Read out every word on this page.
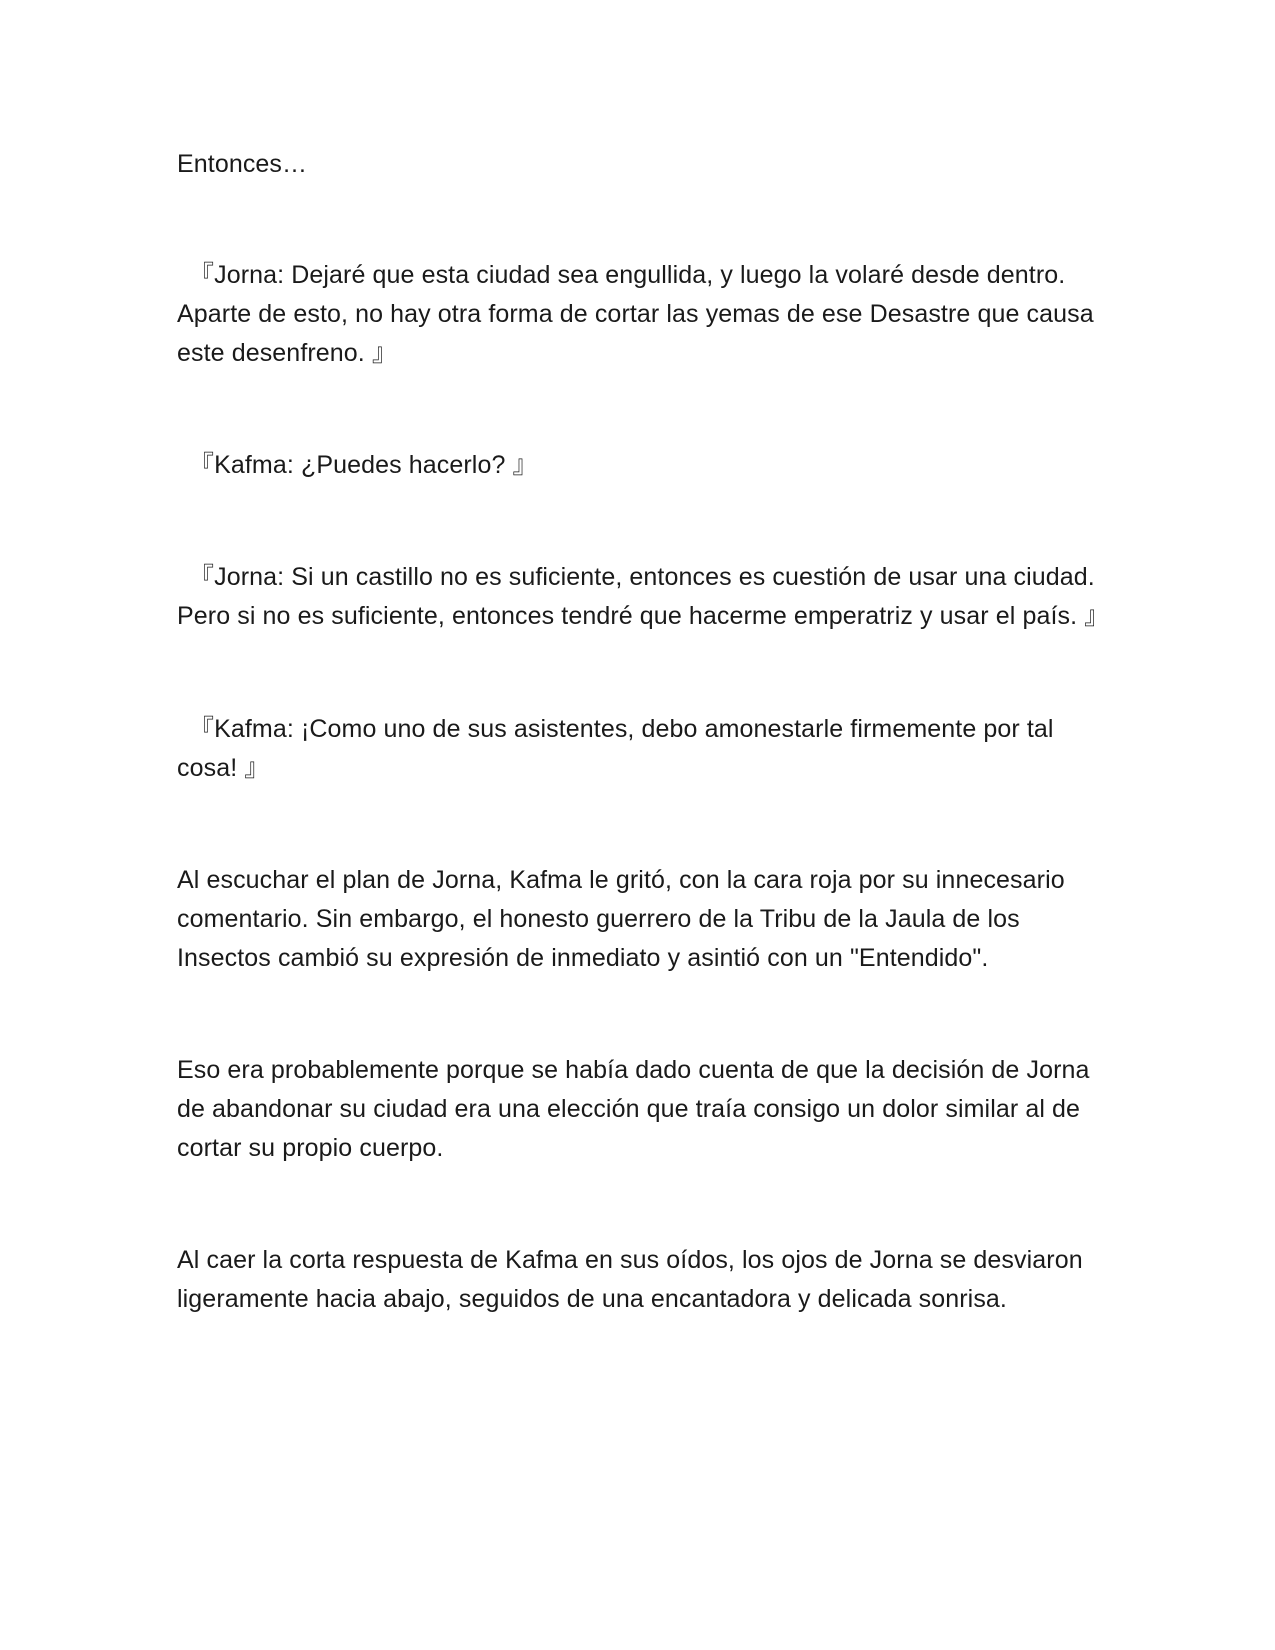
Entonces…

『Jorna: Dejaré que esta ciudad sea engullida, y luego la volaré desde dentro. Aparte de esto, no hay otra forma de cortar las yemas de ese Desastre que causa este desenfreno. 』

『Kafma: ¿Puedes hacerlo? 』

『Jorna: Si un castillo no es suficiente, entonces es cuestión de usar una ciudad. Pero si no es suficiente, entonces tendré que hacerme emperatriz y usar el país. 』

『Kafma: ¡Como uno de sus asistentes, debo amonestarle firmemente por tal cosa! 』

Al escuchar el plan de Jorna, Kafma le gritó, con la cara roja por su innecesario comentario. Sin embargo, el honesto guerrero de la Tribu de la Jaula de los Insectos cambió su expresión de inmediato y asintió con un "Entendido".

Eso era probablemente porque se había dado cuenta de que la decisión de Jorna de abandonar su ciudad era una elección que traía consigo un dolor similar al de cortar su propio cuerpo.

Al caer la corta respuesta de Kafma en sus oídos, los ojos de Jorna se desviaron ligeramente hacia abajo, seguidos de una encantadora y delicada sonrisa.
